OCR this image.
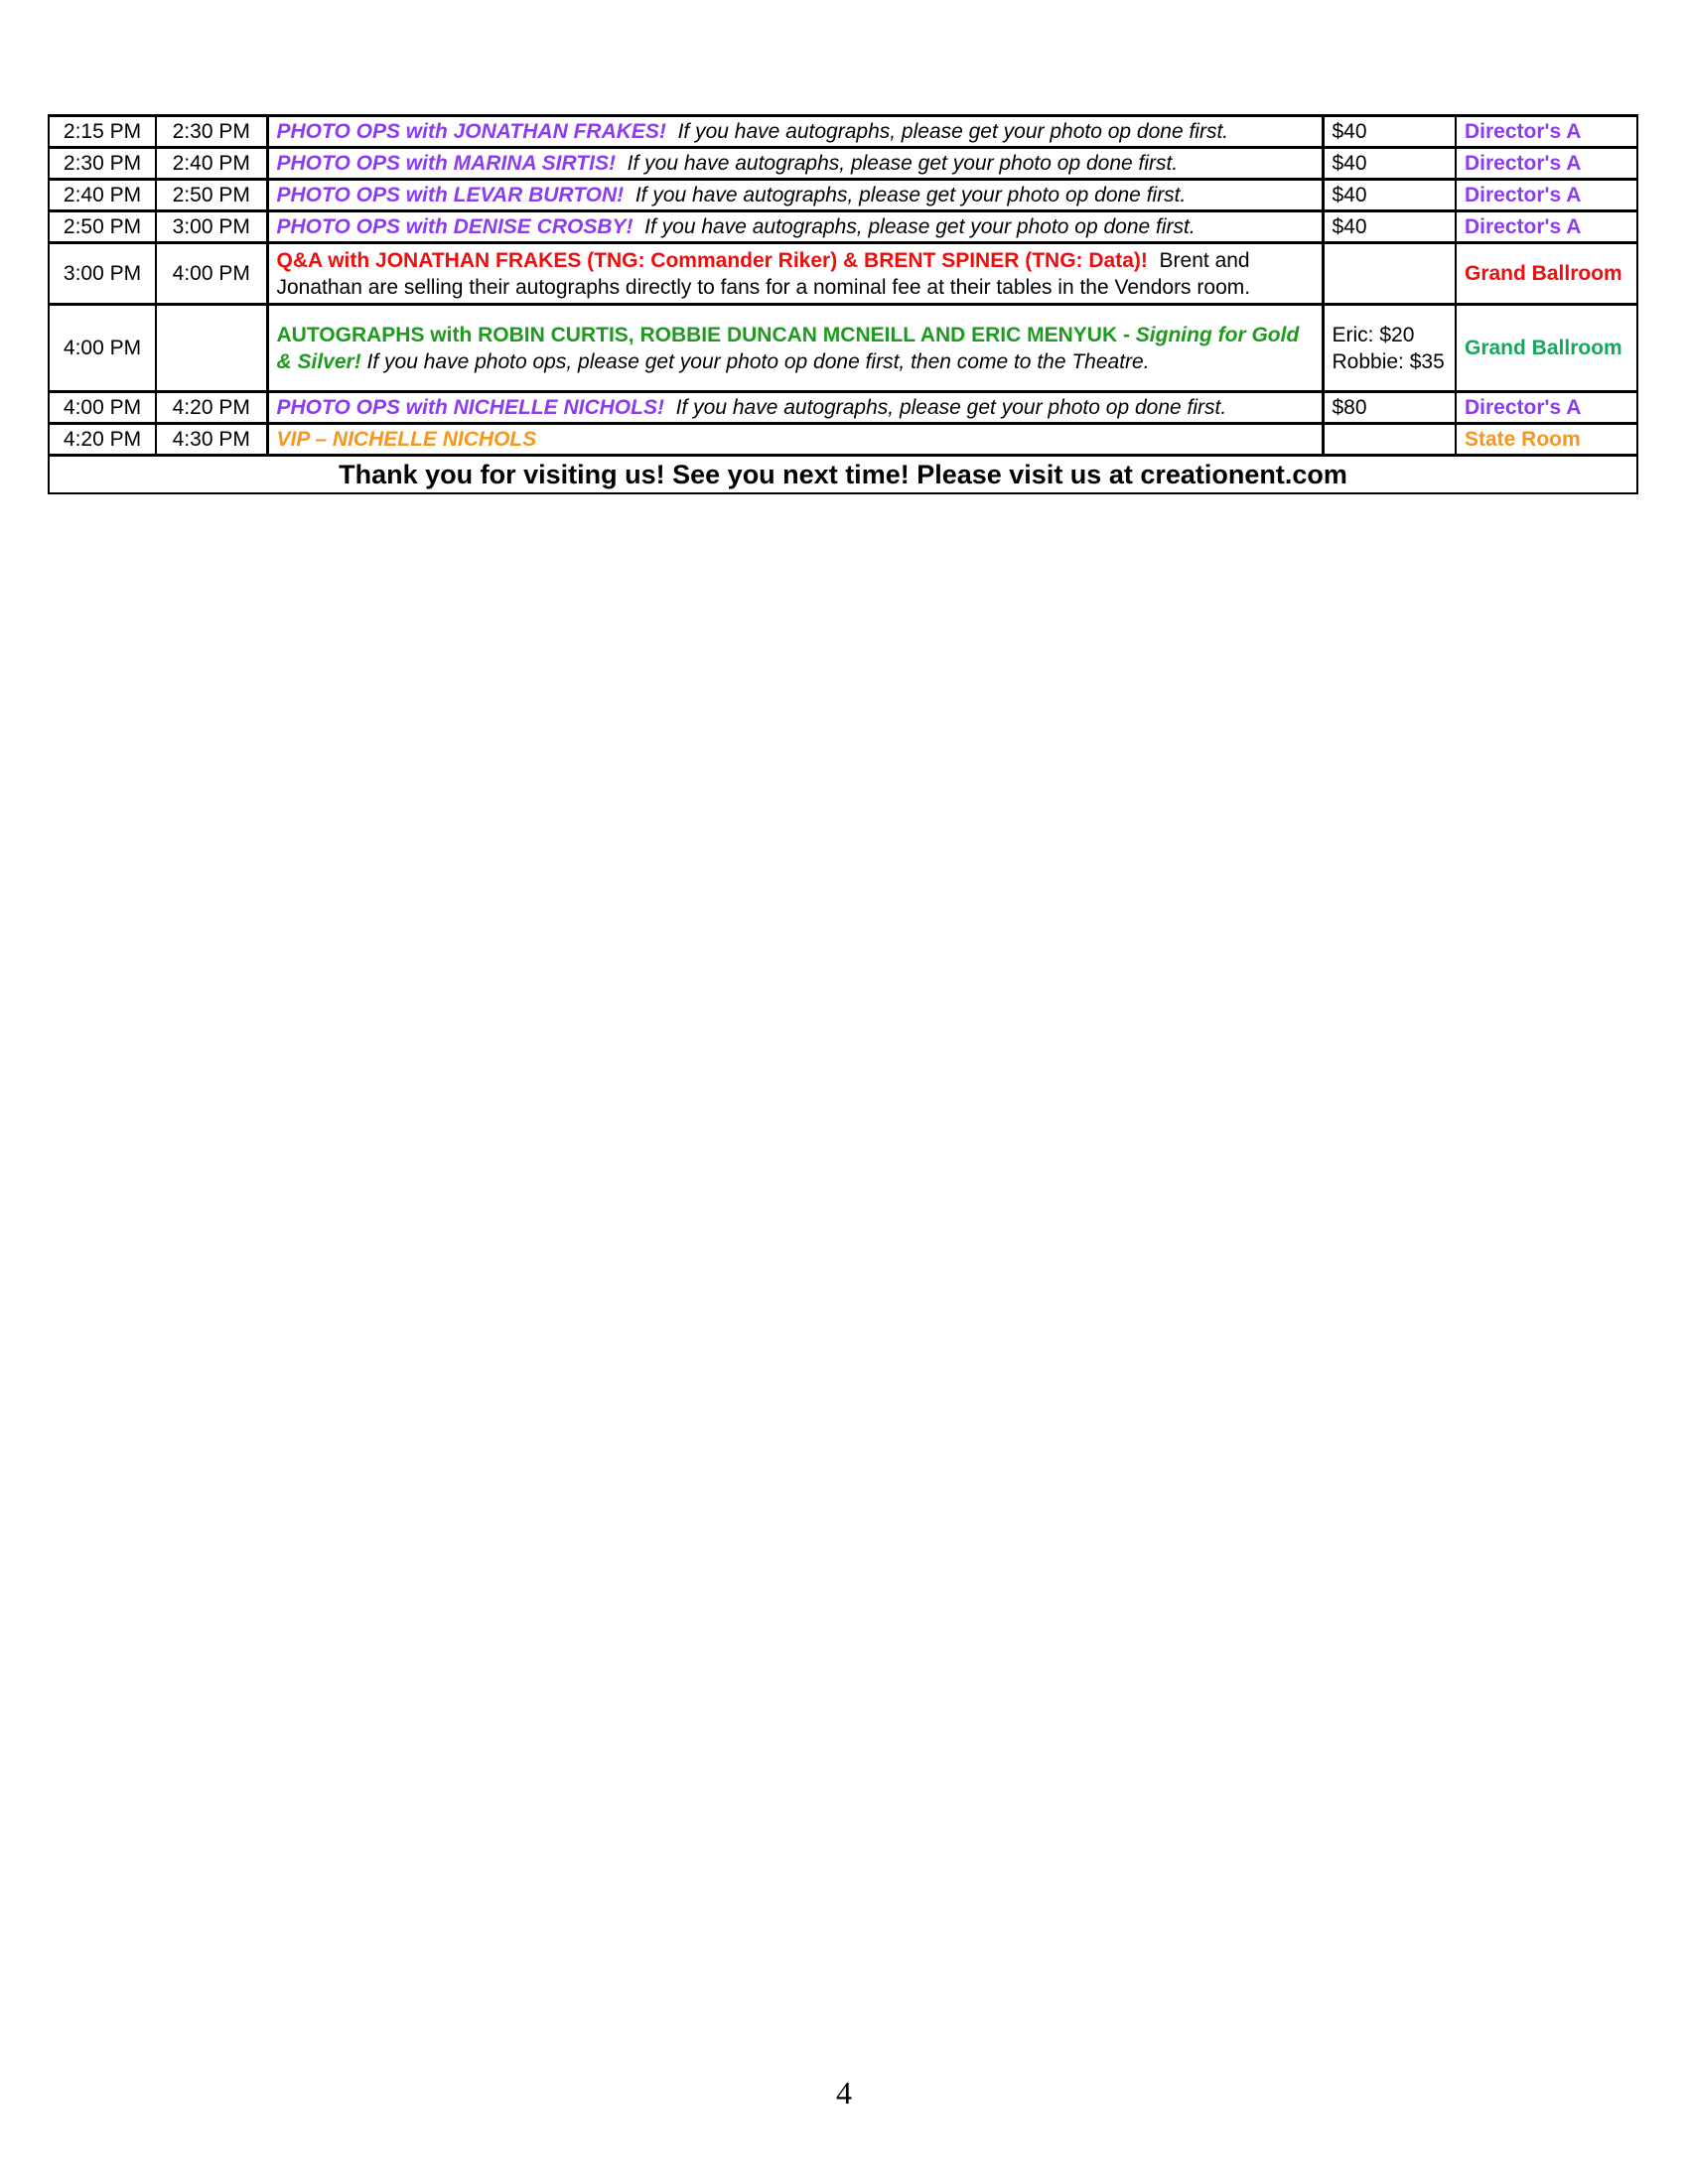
2:15 PM	2:30 PM	PHOTO OPS with JONATHAN FRAKES! If you have autographs, please get your photo op done first.	$40	Director's A
2:30 PM	2:40 PM	PHOTO OPS with MARINA SIRTIS! If you have autographs, please get your photo op done first.	$40	Director's A
2:40 PM	2:50 PM	PHOTO OPS with LEVAR BURTON! If you have autographs, please get your photo op done first.	$40	Director's A
2:50 PM	3:00 PM	PHOTO OPS with DENISE CROSBY! If you have autographs, please get your photo op done first.	$40	Director's A
3:00 PM	4:00 PM	Q&A with JONATHAN FRAKES (TNG: Commander Riker) & BRENT SPINER (TNG: Data)! Brent and Jonathan are selling their autographs directly to fans for a nominal fee at their tables in the Vendors room.		Grand Ballroom
4:00 PM		AUTOGRAPHS with ROBIN CURTIS, ROBBIE DUNCAN MCNEILL AND ERIC MENYUK - Signing for Gold & Silver! If you have photo ops, please get your photo op done first, then come to the Theatre.	Eric: $20 Robbie: $35	Grand Ballroom
4:00 PM	4:20 PM	PHOTO OPS with NICHELLE NICHOLS! If you have autographs, please get your photo op done first.	$80	Director's A
4:20 PM	4:30 PM	VIP – NICHELLE NICHOLS		State Room
Thank you for visiting us! See you next time! Please visit us at creationent.com				
4
